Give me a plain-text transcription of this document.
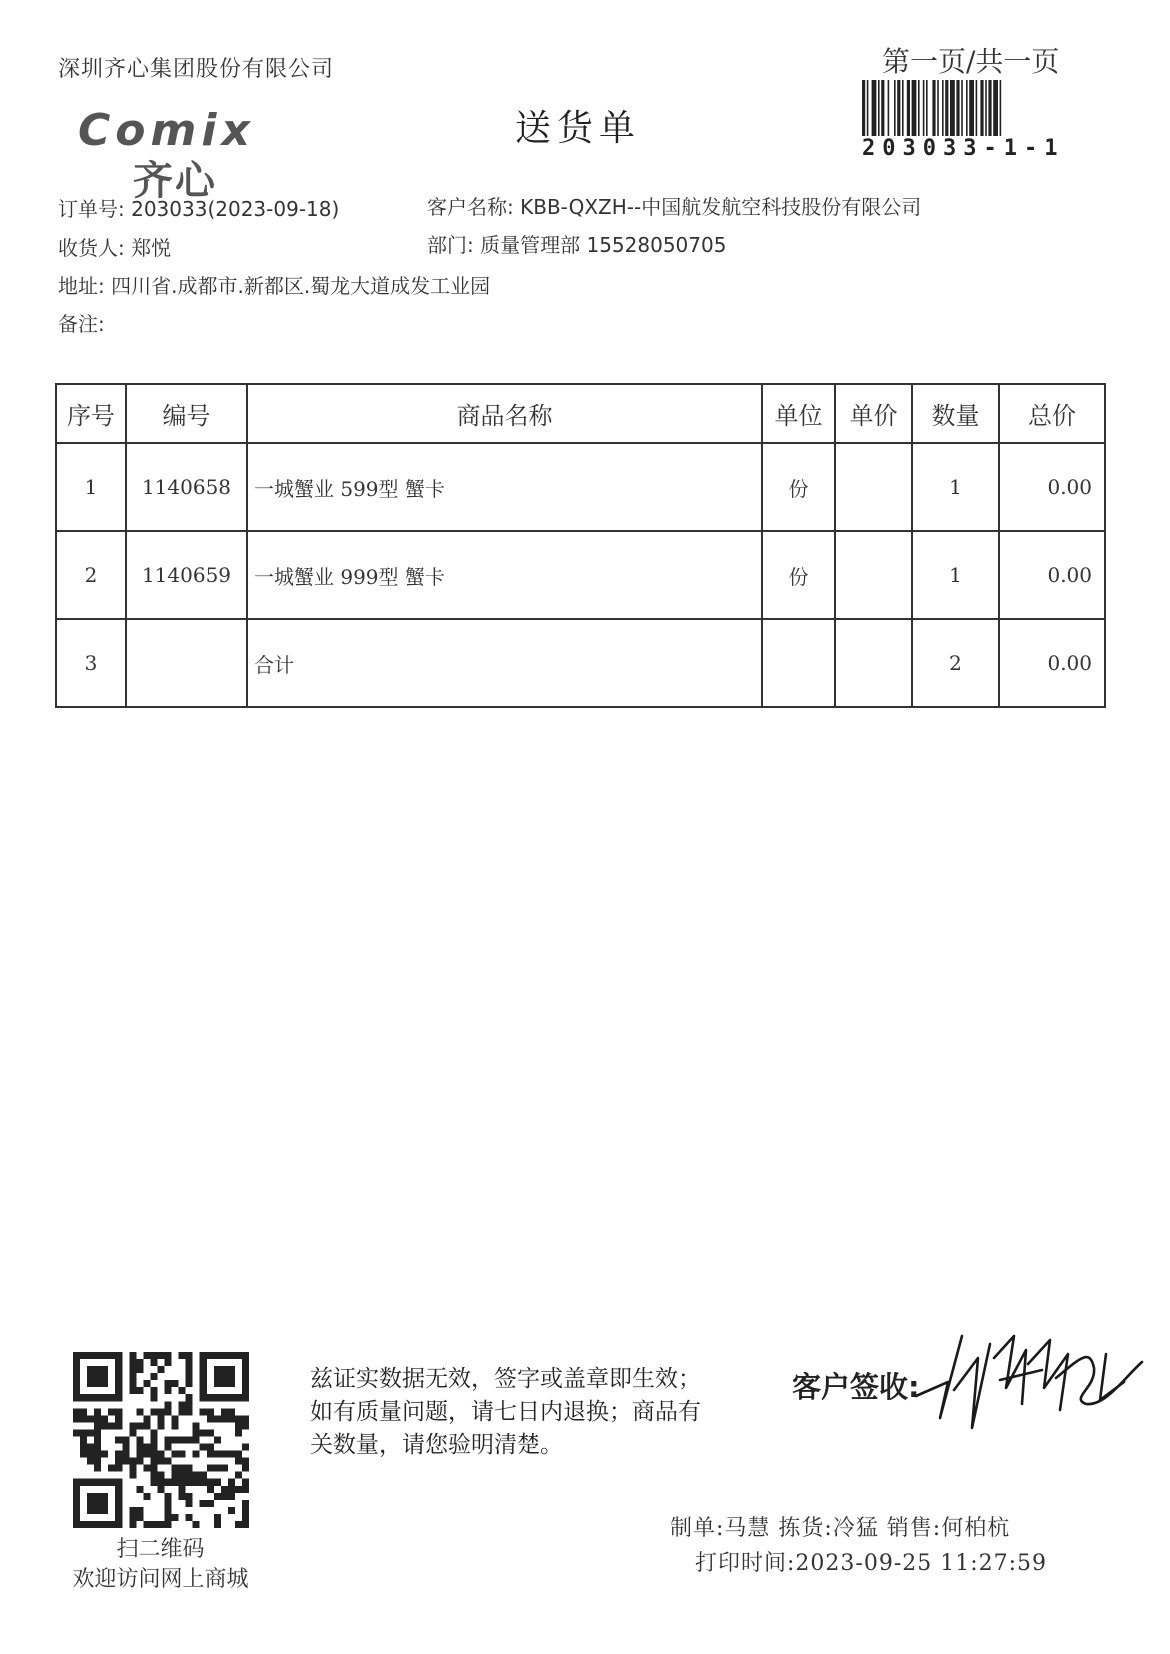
深圳齐心集团股份有限公司
Comix
齐心
送货单
第一页/共一页
203033-1-1
订单号: 203033(2023-09-18)	客户名称: KBB-QXZH--中国航发航空科技股份有限公司
收货人: 郑悦	部门: 质量管理部 15528050705
地址: 四川省.成都市.新都区.蜀龙大道成发工业园
备注:
序号	编号	商品名称	单位	单价	数量	总价
1	1140658	一城蟹业 599型 蟹卡	份		1	0.00
2	1140659	一城蟹业 999型 蟹卡	份		1	0.00
3		合计			2	0.00
扫二维码
欢迎访问网上商城
兹证实数据无效，签字或盖章即生效；如有质量问题，请七日内退换；商品有关数量，请您验明清楚。
客户签收:
制单:马慧 拣货:冷猛 销售:何柏杭
打印时间:2023-09-25 11:27:59
